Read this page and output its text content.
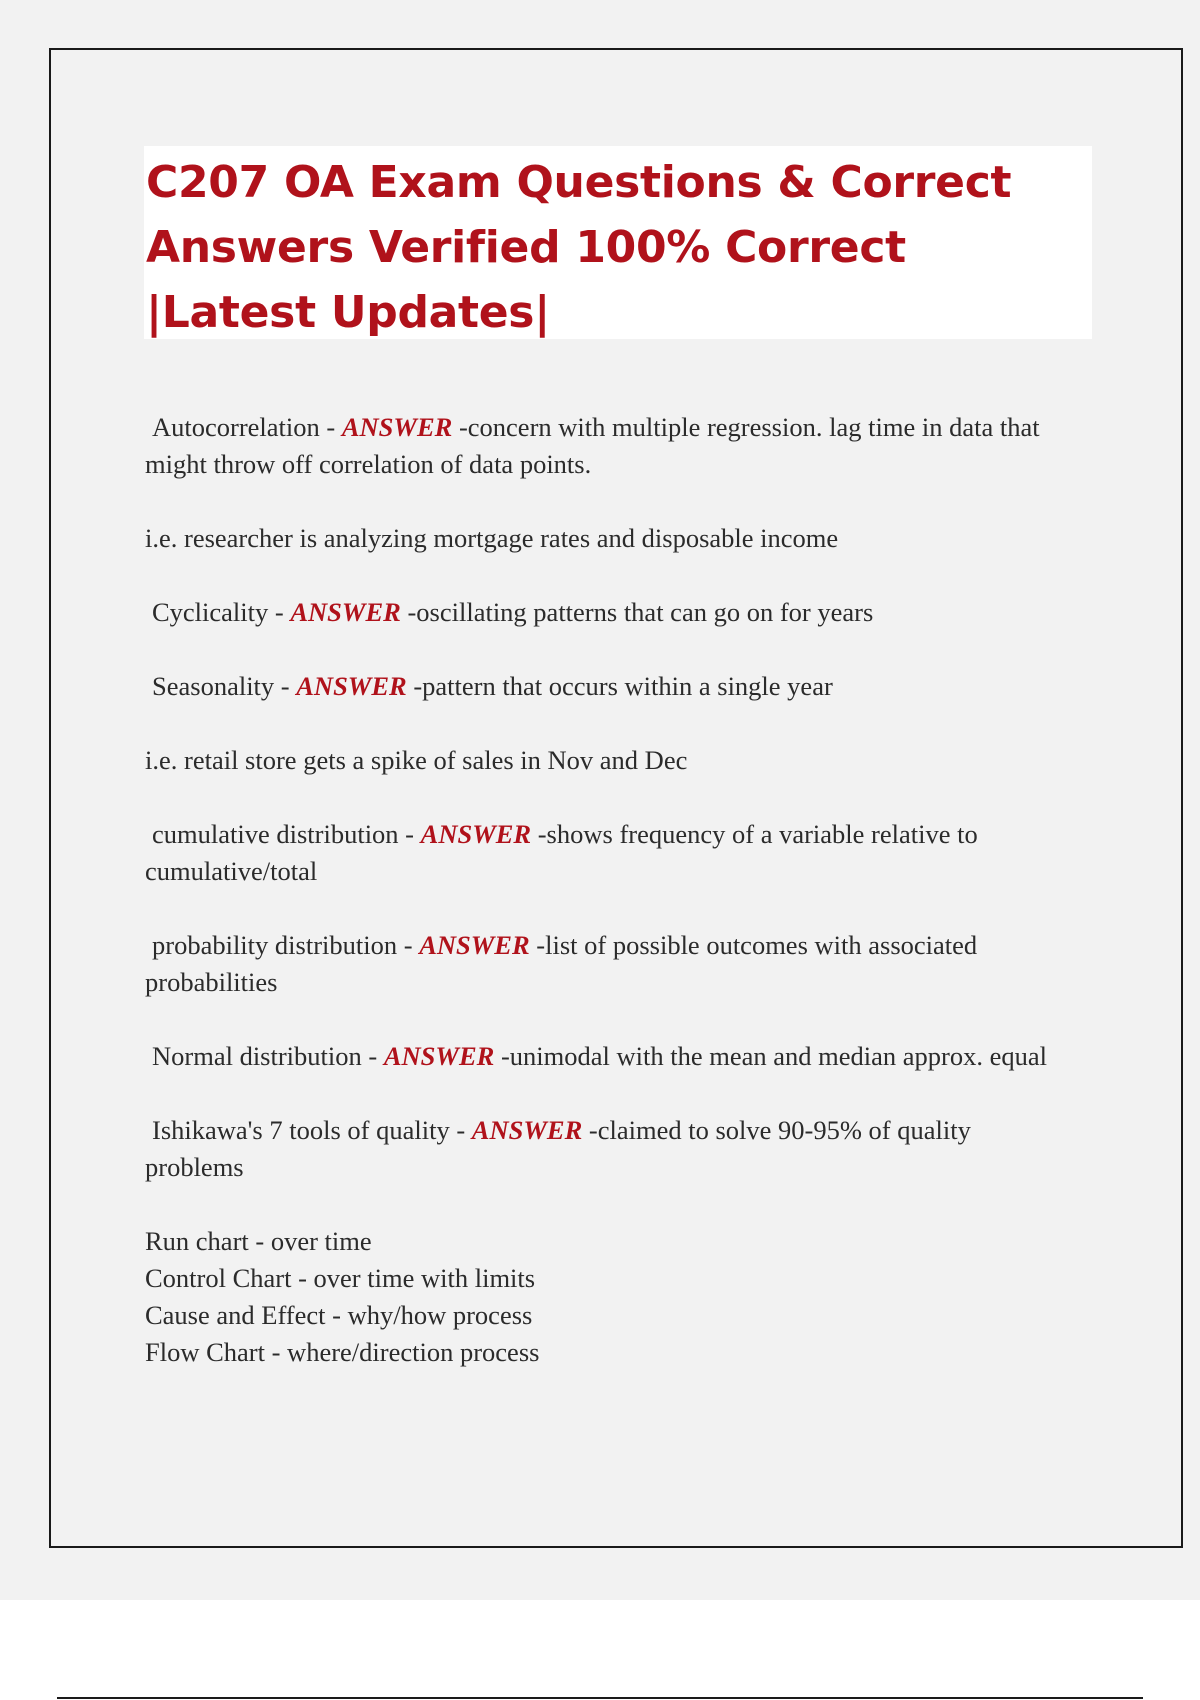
C207 OA Exam Questions & Correct Answers Verified 100% Correct |Latest Updates|

Autocorrelation - ANSWER -concern with multiple regression. lag time in data that might throw off correlation of data points.

i.e. researcher is analyzing mortgage rates and disposable income

Cyclicality - ANSWER -oscillating patterns that can go on for years

Seasonality - ANSWER -pattern that occurs within a single year

i.e. retail store gets a spike of sales in Nov and Dec

cumulative distribution - ANSWER -shows frequency of a variable relative to cumulative/total

probability distribution - ANSWER -list of possible outcomes with associated probabilities

Normal distribution - ANSWER -unimodal with the mean and median approx. equal

Ishikawa's 7 tools of quality - ANSWER -claimed to solve 90-95% of quality problems

Run chart - over time
Control Chart - over time with limits
Cause and Effect - why/how process
Flow Chart - where/direction process
